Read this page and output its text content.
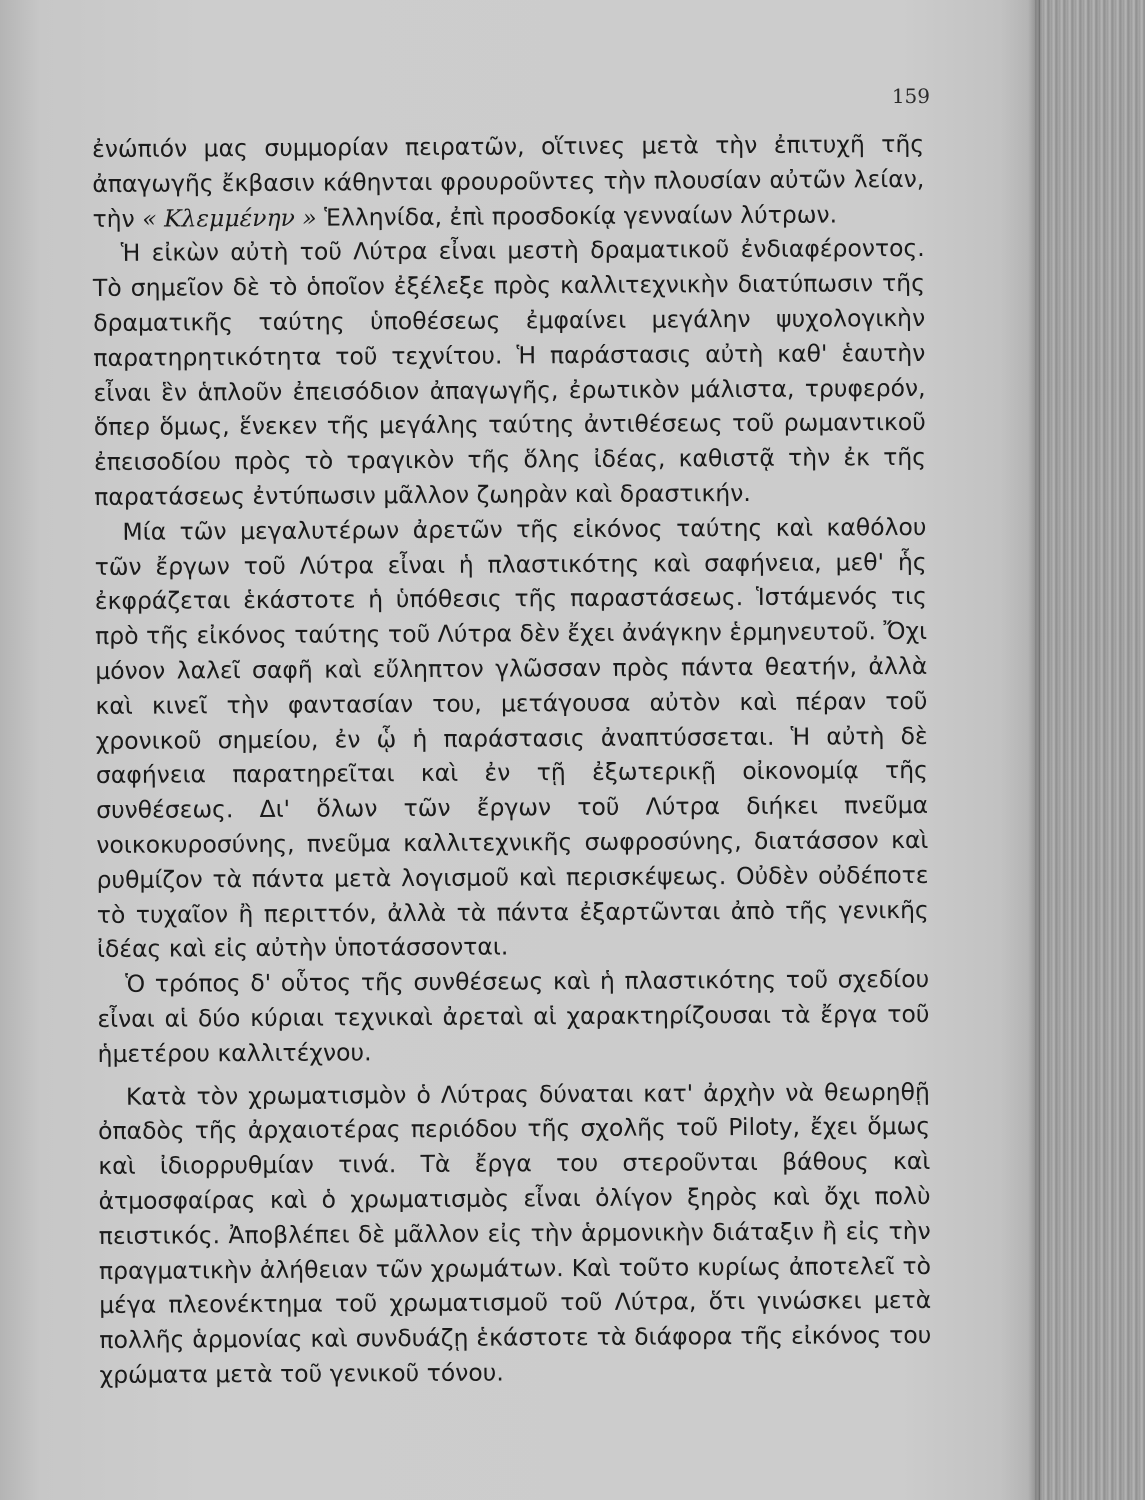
159

ἐνώπιόν μας συμμορίαν πειρατῶν, οἵτινες μετὰ τὴν ἐπιτυχῆ τῆς ἀπαγωγῆς ἔκβασιν κάθηνται φρουροῦντες τὴν πλουσίαν αὐτῶν λείαν, τὴν « Κλεμμένην » Ἑλληνίδα, ἐπὶ προσδοκίᾳ γενναίων λύτρων.

Ἡ εἰκὼν αὐτὴ τοῦ Λύτρα εἶναι μεστὴ δραματικοῦ ἐνδιαφέροντος. Τὸ σημεῖον δὲ τὸ ὁποῖον ἐξέλεξε πρὸς καλλιτεχνικὴν διατύπωσιν τῆς δραματικῆς ταύτης ὑποθέσεως ἐμφαίνει μεγάλην ψυχολογικὴν παρατηρητικότητα τοῦ τεχνίτου. Ἡ παράστασις αὐτὴ καθ' ἑαυτὴν εἶναι ἓν ἁπλοῦν ἐπεισόδιον ἀπαγωγῆς, ἐρωτικὸν μάλιστα, τρυφερόν, ὅπερ ὅμως, ἕνεκεν τῆς μεγάλης ταύτης ἀντιθέσεως τοῦ ρωμαντικοῦ ἐπεισοδίου πρὸς τὸ τραγικὸν τῆς ὅλης ἰδέας, καθιστᾷ τὴν ἐκ τῆς παρατάσεως ἐντύπωσιν μᾶλλον ζωηρὰν καὶ δραστικήν.

Μία τῶν μεγαλυτέρων ἀρετῶν τῆς εἰκόνος ταύτης καὶ καθόλου τῶν ἔργων τοῦ Λύτρα εἶναι ἡ πλαστικότης καὶ σαφήνεια, μεθ' ἧς ἐκφράζεται ἑκάστοτε ἡ ὑπόθεσις τῆς παραστάσεως. Ἱστάμενός τις πρὸ τῆς εἰκόνος ταύτης τοῦ Λύτρα δὲν ἔχει ἀνάγκην ἑρμηνευτοῦ. Ὄχι μόνον λαλεῖ σαφῆ καὶ εὔληπτον γλῶσσαν πρὸς πάντα θεατήν, ἀλλὰ καὶ κινεῖ τὴν φαντασίαν του, μετάγουσα αὐτὸν καὶ πέραν τοῦ χρονικοῦ σημείου, ἐν ᾧ ἡ παράστασις ἀναπτύσσεται. Ἡ αὐτὴ δὲ σαφήνεια παρατηρεῖται καὶ ἐν τῇ ἐξωτερικῇ οἰκονομίᾳ τῆς συνθέσεως. Δι' ὅλων τῶν ἔργων τοῦ Λύτρα διήκει πνεῦμα νοικοκυροσύνης, πνεῦμα καλλιτεχνικῆς σωφροσύνης, διατάσσον καὶ ρυθμίζον τὰ πάντα μετὰ λογισμοῦ καὶ περισκέψεως. Οὐδὲν οὐδέποτε τὸ τυχαῖον ἢ περιττόν, ἀλλὰ τὰ πάντα ἐξαρτῶνται ἀπὸ τῆς γενικῆς ἰδέας καὶ εἰς αὐτὴν ὑποτάσσονται.

Ὁ τρόπος δ' οὗτος τῆς συνθέσεως καὶ ἡ πλαστικότης τοῦ σχεδίου εἶναι αἱ δύο κύριαι τεχνικαὶ ἀρεταὶ αἱ χαρακτηρίζουσαι τὰ ἔργα τοῦ ἡμετέρου καλλιτέχνου.

Κατὰ τὸν χρωματισμὸν ὁ Λύτρας δύναται κατ' ἀρχὴν νὰ θεωρηθῇ ὀπαδὸς τῆς ἀρχαιοτέρας περιόδου τῆς σχολῆς τοῦ Piloty, ἔχει ὅμως καὶ ἰδιορρυθμίαν τινά. Τὰ ἔργα του στεροῦνται βάθους καὶ ἀτμοσφαίρας καὶ ὁ χρωματισμὸς εἶναι ὀλίγον ξηρὸς καὶ ὄχι πολὺ πειστικός. Ἀποβλέπει δὲ μᾶλλον εἰς τὴν ἁρμονικὴν διάταξιν ἢ εἰς τὴν πραγματικὴν ἀλήθειαν τῶν χρωμάτων. Καὶ τοῦτο κυρίως ἀποτελεῖ τὸ μέγα πλεονέκτημα τοῦ χρωματισμοῦ τοῦ Λύτρα, ὅτι γινώσκει μετὰ πολλῆς ἁρμονίας καὶ συνδυάζῃ ἑκάστοτε τὰ διάφορα τῆς εἰκόνος του χρώματα μετὰ τοῦ γενικοῦ τόνου.
